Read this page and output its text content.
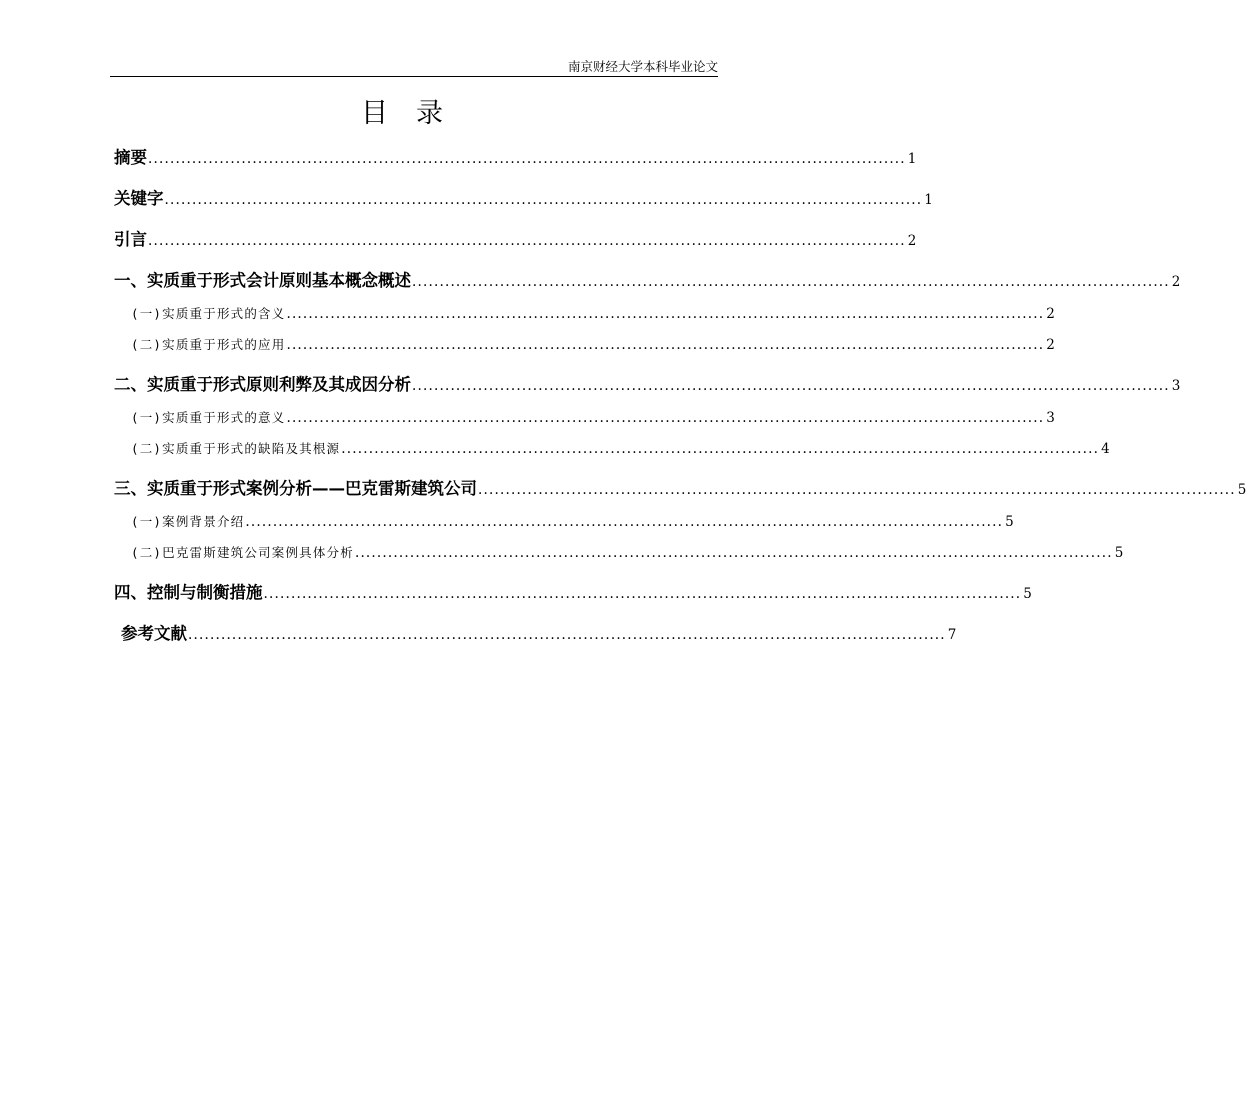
南京财经大学本科毕业论文
目录
摘要 .......................................................................................................................................... 1
关键字 .......................................................................................................................................... 1
引言 .......................................................................................................................................... 2
一、实质重于形式会计原则基本概念概述 .......................................................................................................................................... 2
(一)实质重于形式的含义 .......................................................................................................................................... 2
(二)实质重于形式的应用 .......................................................................................................................................... 2
二、实质重于形式原则利弊及其成因分析 .......................................................................................................................................... 3
(一)实质重于形式的意义 .......................................................................................................................................... 3
(二)实质重于形式的缺陷及其根源 .......................................................................................................................................... 4
三、实质重于形式案例分析——巴克雷斯建筑公司 .......................................................................................................................................... 5
(一)案例背景介绍 .......................................................................................................................................... 5
(二)巴克雷斯建筑公司案例具体分析 .......................................................................................................................................... 5
四、控制与制衡措施 .......................................................................................................................................... 5
参考文献 .......................................................................................................................................... 7
